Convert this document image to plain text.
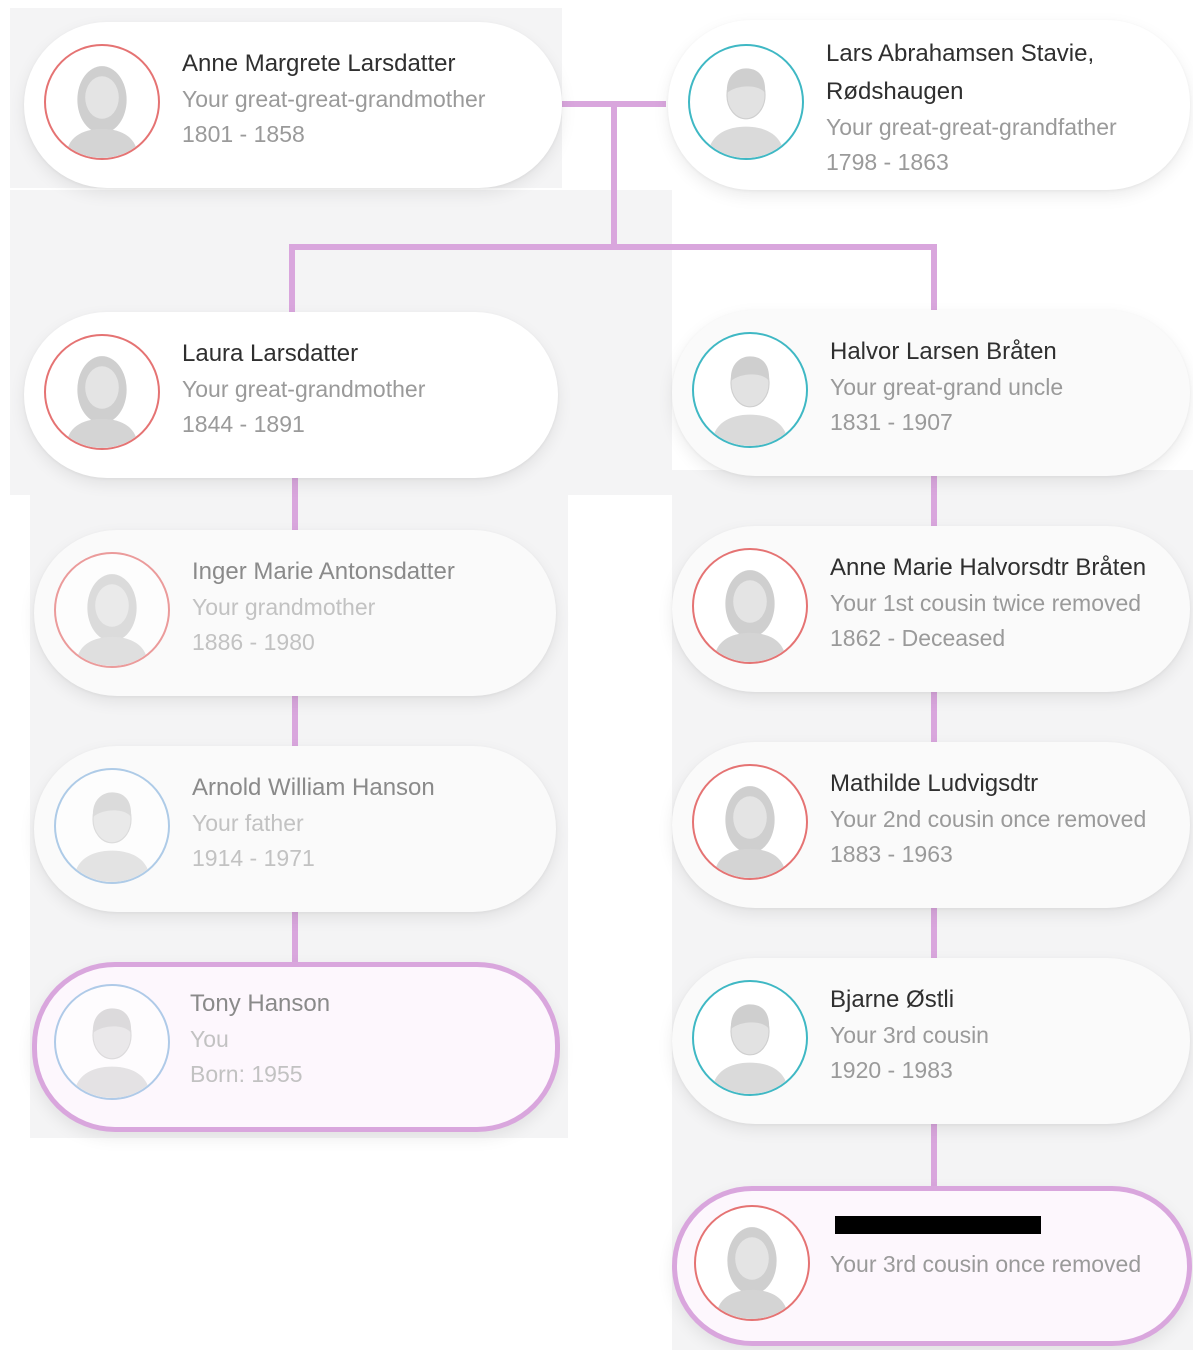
Anne Margrete Larsdatter
Your great-great-grandmother
1801 - 1858
Lars Abrahamsen Stavie,
Rødshaugen
Your great-great-grandfather
1798 - 1863
Laura Larsdatter
Your great-grandmother
1844 - 1891
Inger Marie Antonsdatter
Your grandmother
1886 - 1980
Arnold William Hanson
Your father
1914 - 1971
Tony Hanson
You
Born: 1955
Halvor Larsen Bråten
Your great-grand uncle
1831 - 1907
Anne Marie Halvorsdtr Bråten
Your 1st cousin twice removed
1862 - Deceased
Mathilde Ludvigsdtr
Your 2nd cousin once removed
1883 - 1963
Bjarne Østli
Your 3rd cousin
1920 - 1983
Your 3rd cousin once removed
